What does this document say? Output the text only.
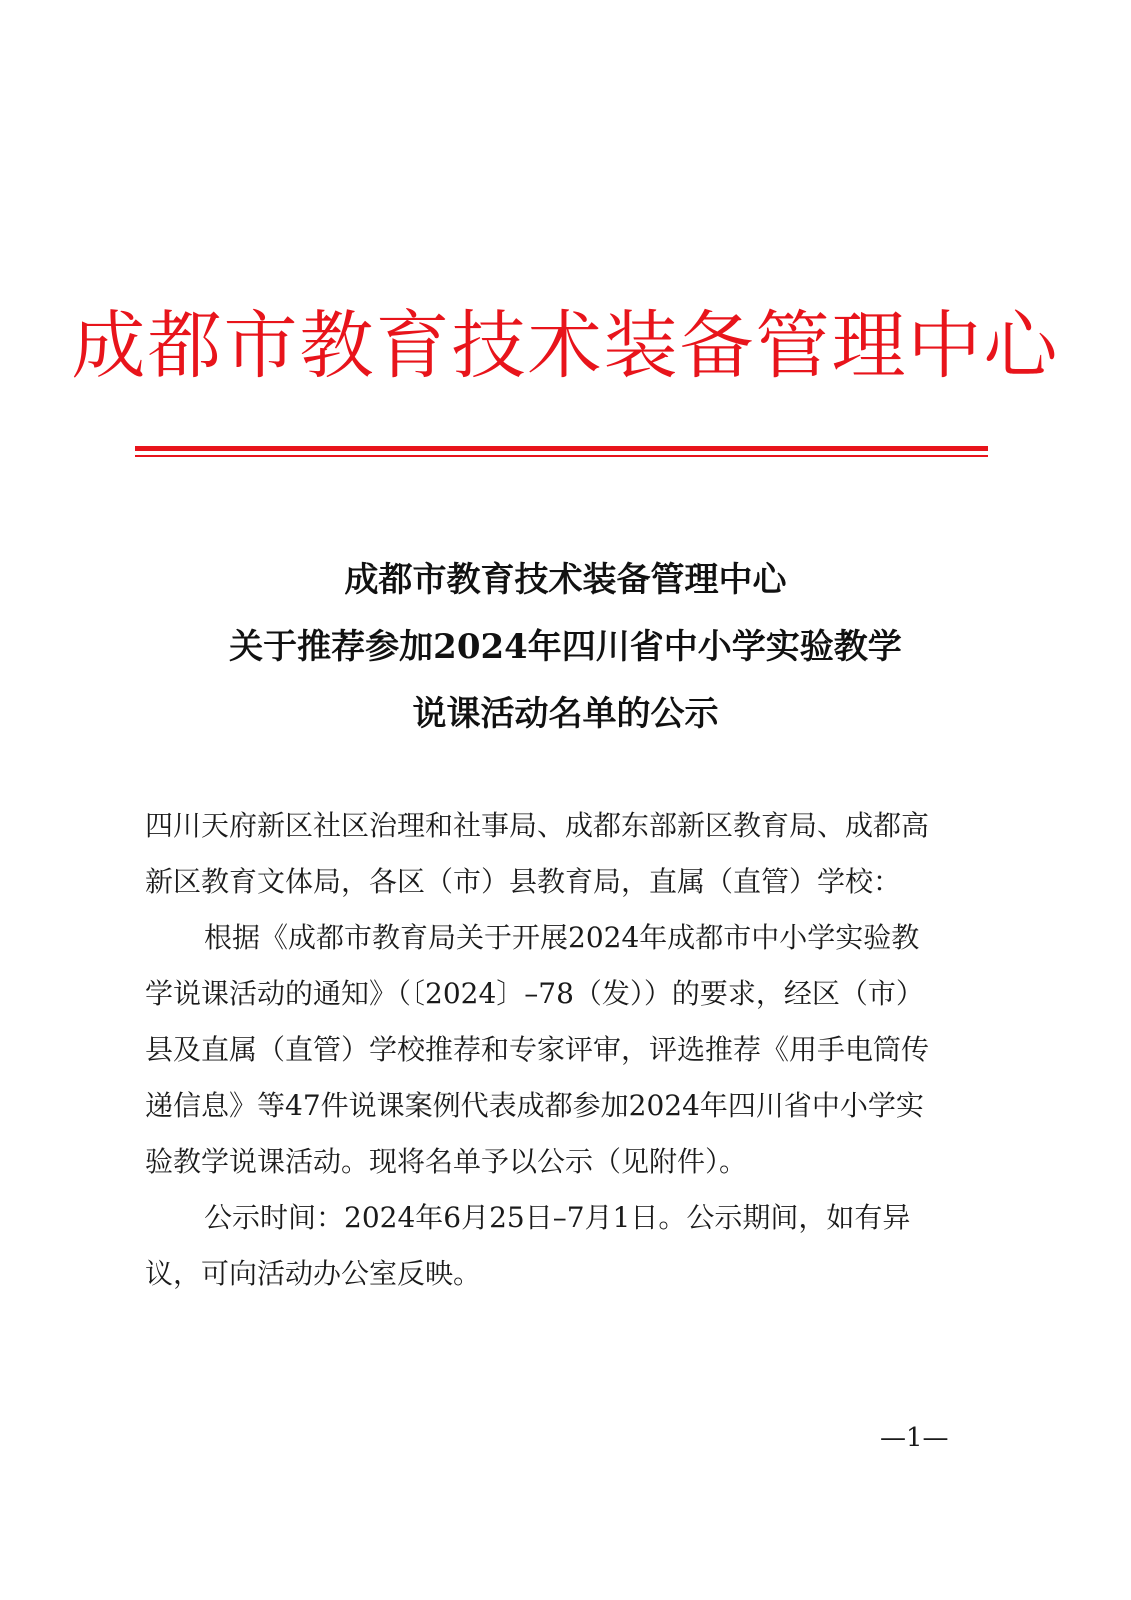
成都市教育技术装备管理中心
成都市教育技术装备管理中心
关于推荐参加2024年四川省中小学实验教学
说课活动名单的公示
四川天府新区社区治理和社事局、成都东部新区教育局、成都高
新区教育文体局，各区（市）县教育局，直属（直管）学校：
根据《成都市教育局关于开展2024年成都市中小学实验教
学说课活动的通知》（〔2024〕–78（发））的要求，经区（市）
县及直属（直管）学校推荐和专家评审，评选推荐《用手电筒传
递信息》等47件说课案例代表成都参加2024年四川省中小学实
验教学说课活动。现将名单予以公示（见附件）。
公示时间：2024年6月25日–7月1日。公示期间，如有异
议，可向活动办公室反映。
—1—
